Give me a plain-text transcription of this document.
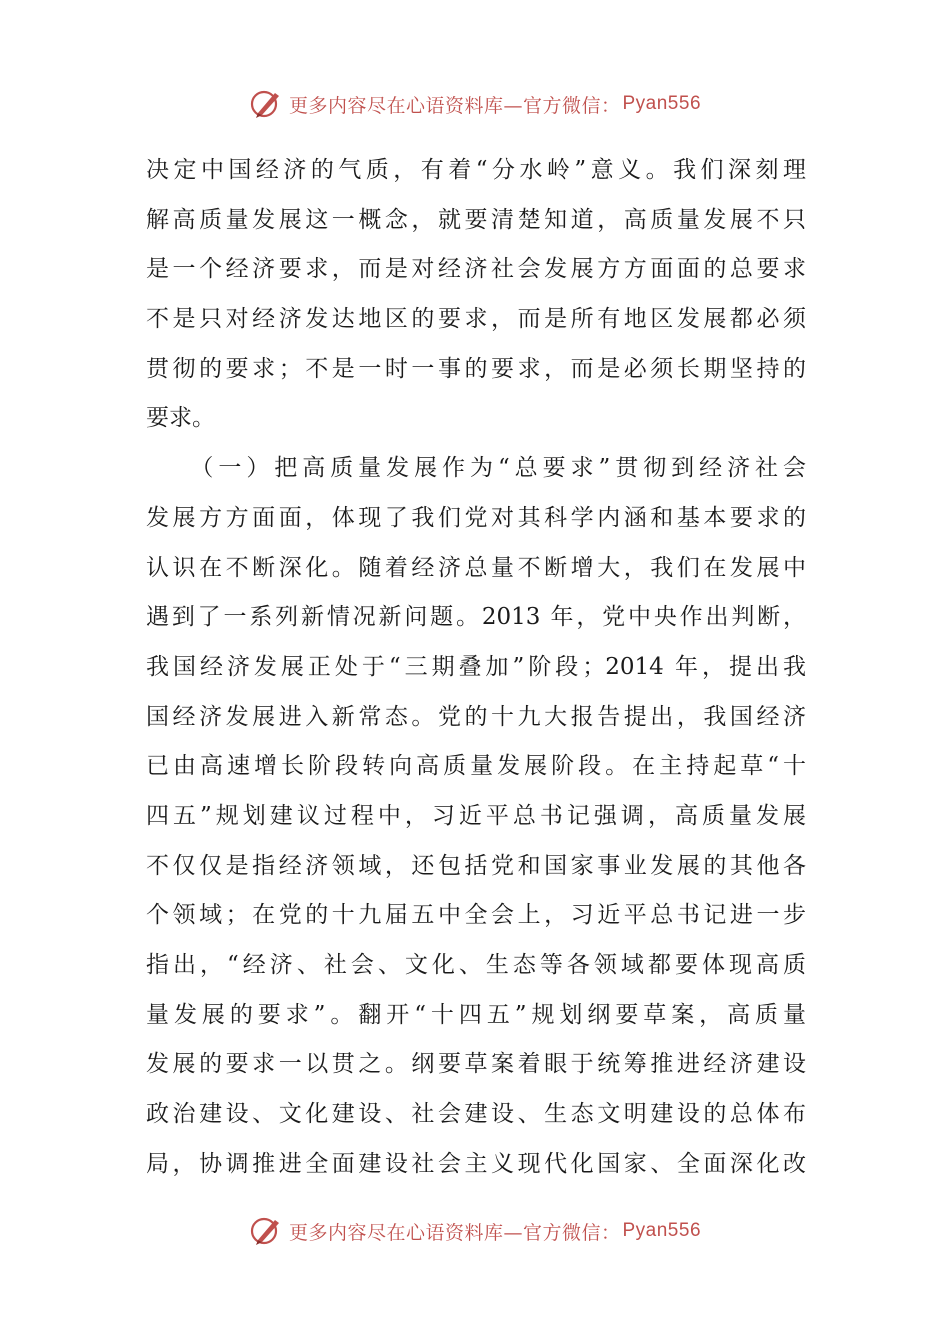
更多内容尽在心语资料库—官方微信： Pyan556
决定中国经济的气质，有着“分水岭”意义。我们深刻理
解高质量发展这一概念，就要清楚知道，高质量发展不只
是一个经济要求，而是对经济社会发展方方面面的总要求
不是只对经济发达地区的要求，而是所有地区发展都必须
贯彻的要求；不是一时一事的要求，而是必须长期坚持的
要求。
　　（一）把高质量发展作为“总要求”贯彻到经济社会
发展方方面面，体现了我们党对其科学内涵和基本要求的
认识在不断深化。随着经济总量不断增大，我们在发展中
遇到了一系列新情况新问题。2013 年，党中央作出判断，
我国经济发展正处于“三期叠加”阶段；2014 年，提出我
国经济发展进入新常态。党的十九大报告提出，我国经济
已由高速增长阶段转向高质量发展阶段。在主持起草“十
四五”规划建议过程中，习近平总书记强调，高质量发展
不仅仅是指经济领域，还包括党和国家事业发展的其他各
个领域；在党的十九届五中全会上，习近平总书记进一步
指出，“经济、社会、文化、生态等各领域都要体现高质
量发展的要求”。翻开“十四五”规划纲要草案，高质量
发展的要求一以贯之。纲要草案着眼于统筹推进经济建设
政治建设、文化建设、社会建设、生态文明建设的总体布
局，协调推进全面建设社会主义现代化国家、全面深化改
更多内容尽在心语资料库—官方微信： Pyan556
